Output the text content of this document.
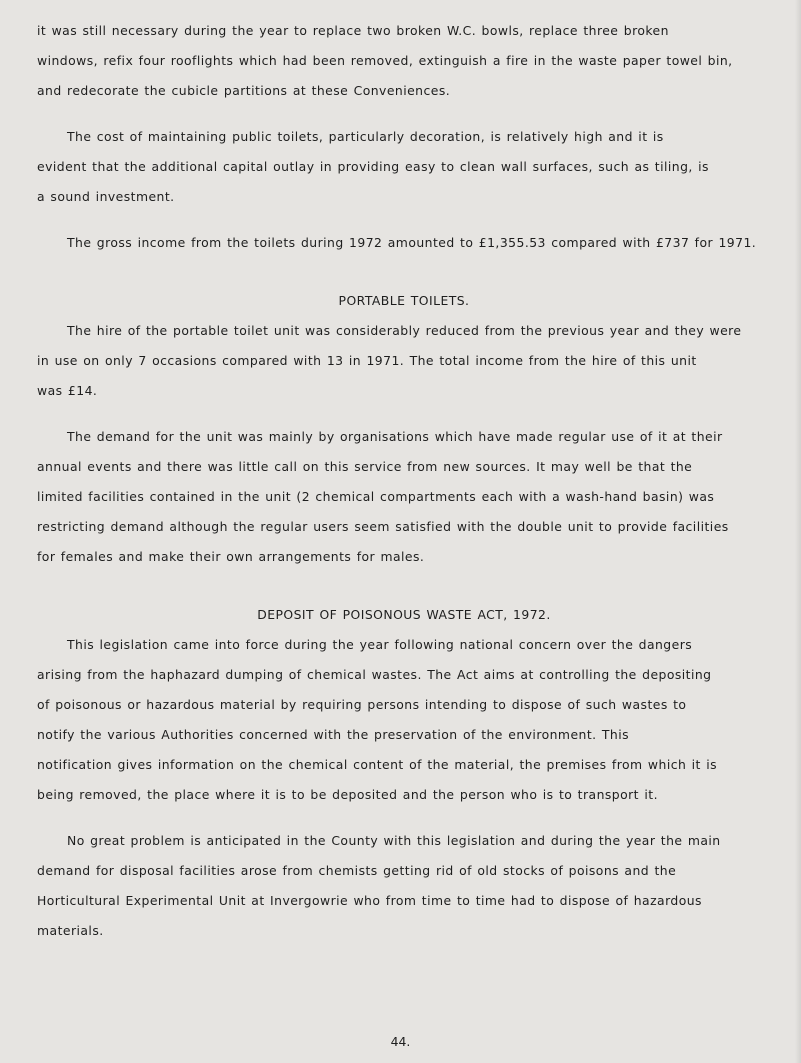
it was still necessary during the year to replace two broken W.C. bowls, replace three broken
windows, refix four rooflights which had been removed, extinguish a fire in the waste paper towel bin,
and redecorate the cubicle partitions at these Conveniences.

The cost of maintaining public toilets, particularly decoration, is relatively high and it is
evident that the additional capital outlay in providing easy to clean wall surfaces, such as tiling, is
a sound investment.

The gross income from the toilets during 1972 amounted to £1,355.53 compared with £737 for 1971.

PORTABLE TOILETS.

The hire of the portable toilet unit was considerably reduced from the previous year and they were
in use on only 7 occasions compared with 13 in 1971. The total income from the hire of this unit
was £14.

The demand for the unit was mainly by organisations which have made regular use of it at their
annual events and there was little call on this service from new sources. It may well be that the
limited facilities contained in the unit (2 chemical compartments each with a wash-hand basin) was
restricting demand although the regular users seem satisfied with the double unit to provide facilities
for females and make their own arrangements for males.

DEPOSIT OF POISONOUS WASTE ACT, 1972.

This legislation came into force during the year following national concern over the dangers
arising from the haphazard dumping of chemical wastes. The Act aims at controlling the depositing
of poisonous or hazardous material by requiring persons intending to dispose of such wastes to
notify the various Authorities concerned with the preservation of the environment. This
notification gives information on the chemical content of the material, the premises from which it is
being removed, the place where it is to be deposited and the person who is to transport it.

No great problem is anticipated in the County with this legislation and during the year the main
demand for disposal facilities arose from chemists getting rid of old stocks of poisons and the
Horticultural Experimental Unit at Invergowrie who from time to time had to dispose of hazardous
materials.

44.
